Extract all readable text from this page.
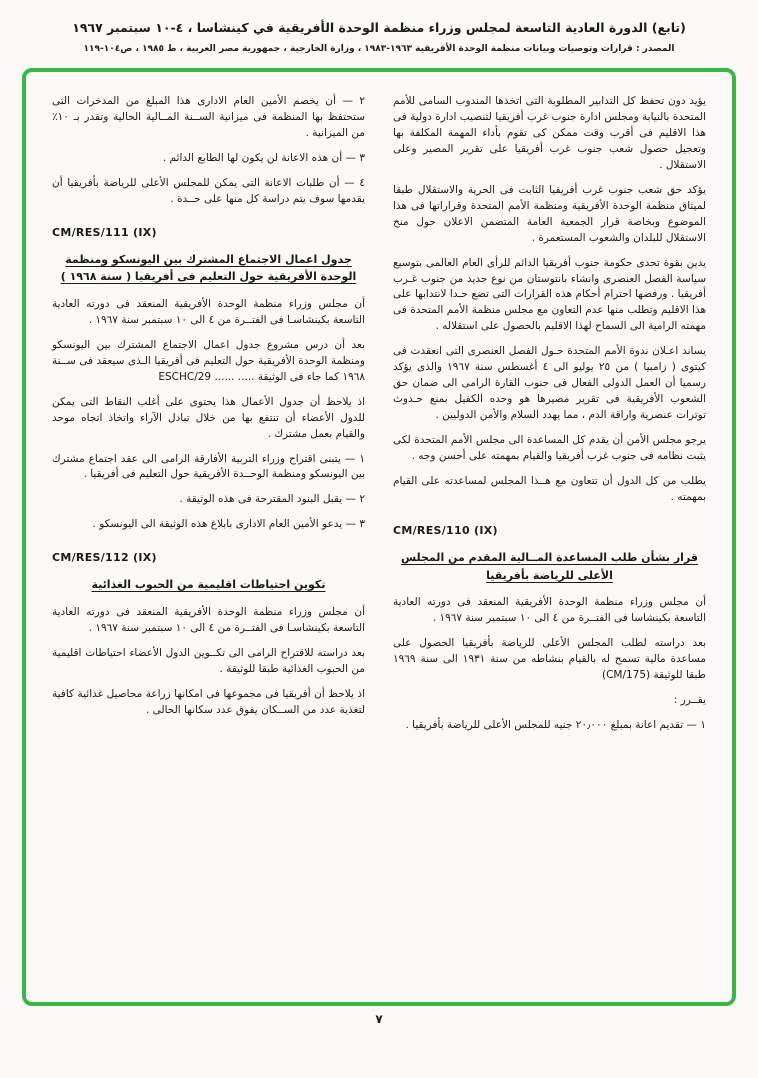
(تابع) الدورة العادية التاسعة لمجلس وزراء منظمة الوحدة الأفريقية في كينشاسا ، ٤-١٠ سبتمبر ١٩٦٧
المصدر : قرارات وتوصيات وبيانات منظمة الوحدة الأفريقية ١٩٦٣-١٩٨٣ ، وزارة الخارجية ، جمهورية مصر العربية ، ط ١٩٨٥ ، ص١٠٤-١١٩
يؤيد دون تحفظ كل التدابير المطلوبة التى اتخذها المندوب السامى للأمم المتحدة بالنيابة ومجلس ادارة جنوب غرب أفريقيا لتنصيب ادارة دولية فى هذا الاقليم فى أقرب وقت ممكن كى تقوم بأداء المهمة المكلفة بها وتعجيل حصول شعب جنوب غرب أفريقيا على تقرير المصير وعلى الاستقلال .
يؤكد حق شعب جنوب غرب أفريقيا الثابت فى الحرية والاستقلال طبقا لميثاق منظمة الوحدة الأفريقية ومنظمة الأمم المتحدة وقراراتها فى هذا الموضوع وبخاصة قرار الجمعية العامة المتضمن الاعلان حول منح الاستقلال للبلدان والشعوب المستعمرة .
يدين بقوة تحدى حكومة جنوب أفريقيا الدائم للرأى العام العالمى بتوسيع سياسة الفصل العنصرى وانشاء بانتوستان من نوع جديد من جنوب غـرب أفريقيا . ورفضها احترام أحكام هذه القرارات التى تضع حـدا لانتدابها على هذا الاقليم وتطلب منها عدم التعاون مع مجلس منظمة الأمم المتحدة فى مهمته الرامية الى السماح لهذا الاقليم بالحصول على استقلاله .
يساند اعـلان ندوة الأمم المتحدة حـول الفصل العنصرى التى انعقدت فى كيتوى ( زامبيا ) من ٢٥ يوليو الى ٤ أغسطس سنة ١٩٦٧ والذى يؤكد رسميا أن العمل الدولى الفعال فى جنوب القارة الرامى الى ضمان حق الشعوب الأفريقية فى تقرير مصيرها هو وحده الكفيل بمنع حـدوث توترات عنصرية واراقة الدم ، مما يهدد السلام والأمن الدوليين .
يرجو مجلس الأمن أن يقدم كل المساعدة الى مجلس الأمم المتحدة لكى يثبت نظامه فى جنوب غرب أفريقيا والقيام بمهمته على أحسن وجه .
يطلب من كل الدول أن تتعاون مع هــذا المجلس لمساعدته على القيام بمهمته .
CM/RES/110 (IX)
قرار بشأن طلب المساعدة المــالية المقدم من المجلس الأعلى للرياضة بأفريقيا
أن مجلس وزراء منظمة الوحدة الأفريقية المنعقد فى دورته العادية التاسعة بكينشاسا فى الفتــرة من ٤ الى ١٠ سبتمبر سنة ١٩٦٧ .
بعد دراسته لطلب المجلس الأعلى للرياضة بأفريقيا الحصول على مساعدة مالية تسمح له بالقيام بنشاطه من سنة ١٩٣١ الى سنة ١٩٦٩ طبقا للوثيقة (CM/175)
يقــرر :
١ — تقديم اعانة بمبلغ ٢٠٫٠٠٠ جنيه للمجلس الأعلى للرياضة بأفريقيا .
٢ — أن يخصم الأمين العام الادارى هذا المبلغ من المدخرات التى ستحتفظ بها المنظمة فى ميزانية الســنة المــالية الحالية وتقدر بـ ١٠٪ من الميزانية .
٣ — أن هذه الاعانة لن يكون لها الطابع الدائم .
٤ — أن طلبات الاعانة التى يمكن للمجلس الأعلى للرياضة بأفريقيا أن يقدمها سوف يتم دراسة كل منها على حــدة .
CM/RES/111 (IX)
جدول اعمال الاجتماع المشترك بين اليونسكو ومنظمة الوحدة الأفريقية حول التعليم فى أفريقيا ( سنة ١٩٦٨ )
أن مجلس وزراء منظمة الوحدة الأفريقية المنعقد فى دورته العادية التاسعة بكينشاسـا فى الفتــرة من ٤ الى ١٠ سبتمبر سنة ١٩٦٧ .
بعد أن درس مشروع جدول اعمال الاجتماع المشترك بين اليونسكو ومنظمة الوحدة الأفريقية حول التعليم فى أفريقيا الـذى سيعقد فى ســنة ١٩٦٨ كما جاء فى الوثيقة ..... ...... ESCHC/29
اذ يلاحظ أن جدول الأعمال هذا يحتوى على أغلب النقاط التى يمكن للدول الأعضاء أن تنتفع بها من خلال تبادل الآراء واتخاذ اتجاه موحد والقيام بعمل مشترك .
١ — يتبنى اقتراح وزراء التربية الأفارقة الرامى الى عقد اجتماع مشترك بين اليونسكو ومنظمة الوحــدة الأفريقية حول التعليم فى أفريقيا .
٢ — يقبل البنود المقترحة فى هذه الوثيقة .
٣ — يدعو الأمين العام الادارى بابلاغ هذه الوثيقة الى اليونسكو .
CM/RES/112 (IX)
تكوين احتياطات اقليمية من الحبوب الغذائية
أن مجلس وزراء منظمة الوحدة الأفريقية المنعقد فى دورته العادية التاسعة بكينشاسـا فى الفتــرة من ٤ الى ١٠ سبتمبر سنة ١٩٦٧ .
بعد دراسته للاقتراح الرامى الى تكــوين الدول الأعضاء احتياطات اقليمية من الحبوب الغذائية طبقا للوثيقة .
اذ يلاحظ أن أفريقيا فى مجموعها فى امكانها زراعة محاصيل غذائية كافية لتغذية عدد من الســكان يفوق عدد سكانها الحالى .
٧
